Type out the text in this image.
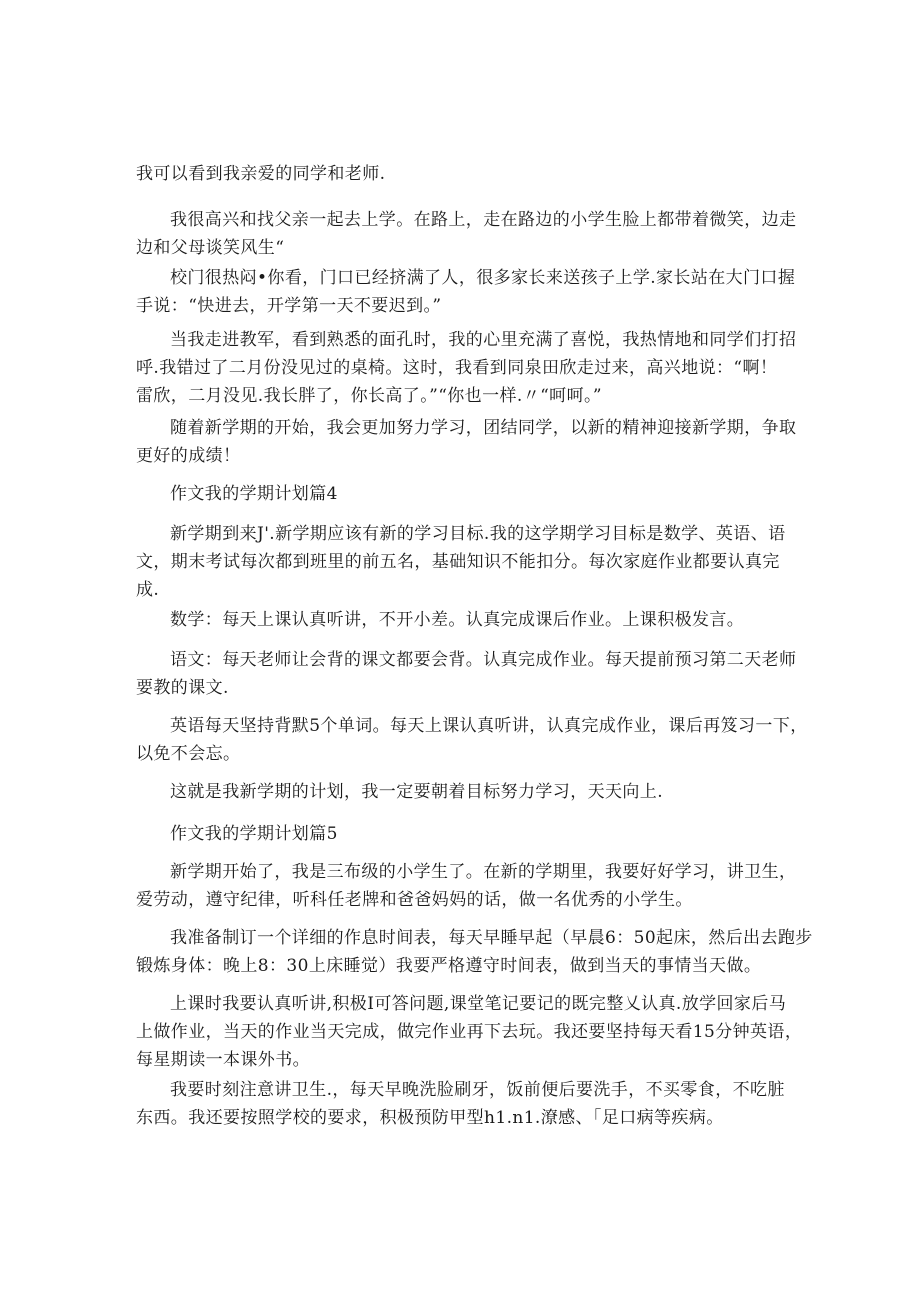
我可以看到我亲爱的同学和老师.

我很高兴和找父亲一起去上学。在路上，走在路边的小学生脸上都带着微笑，边走
边和父母谈笑风生“

校门很热闷•你看，门口已经挤满了人，很多家长来送孩子上学.家长站在大门口握
手说：“快进去，开学第一天不要迟到。”

当我走进教军，看到熟悉的面孔时，我的心里充满了喜悦，我热情地和同学们打招
呼.我错过了二月份没见过的桌椅。这时，我看到同泉田欣走过来，高兴地说：“啊！
雷欣，二月没见.我长胖了，你长高了。”“你也一样.〃“呵呵。”

随着新学期的开始，我会更加努力学习，团结同学，以新的精神迎接新学期，争取
更好的成绩！

作文我的学期计划篇4

新学期到来J'.新学期应该有新的学习目标.我的这学期学习目标是数学、英语、语
文，期末考试每次都到班里的前五名，基础知识不能扣分。每次家庭作业都要认真完
成.

数学：每天上课认真听讲，不开小差。认真完成课后作业。上课积极发言。

语文：每天老师让会背的课文都要会背。认真完成作业。每天提前预习第二天老师
要教的课文.

英语每天坚持背默5个单词。每天上课认真听讲，认真完成作业，课后再笈习一下，
以免不会忘。

这就是我新学期的计划，我一定要朝着目标努力学习，天天向上.

作文我的学期计划篇5

新学期开始了，我是三布级的小学生了。在新的学期里，我要好好学习，讲卫生，
爱劳动，遵守纪律，听科任老牌和爸爸妈妈的话，做一名优秀的小学生。

我准备制订一个详细的作息时间表，每天早睡早起（早晨6：50起床，然后出去跑步
锻炼身体：晚上8：30上床睡觉）我要严格遵守时间表，做到当天的事情当天做。

上课时我要认真听讲,积极I可答问题,课堂笔记要记的既完整乂认真.放学回家后马
上做作业，当天的作业当天完成，做完作业再下去玩。我还要坚持每天看15分钟英语，
每星期读一本课外书。

我要时刻注意讲卫生.，每天早晚洗脸刷牙，饭前便后要洗手，不买零食，不吃脏
东西。我还要按照学校的要求，积极预防甲型h1.n1.潦感、「足口病等疾病。
